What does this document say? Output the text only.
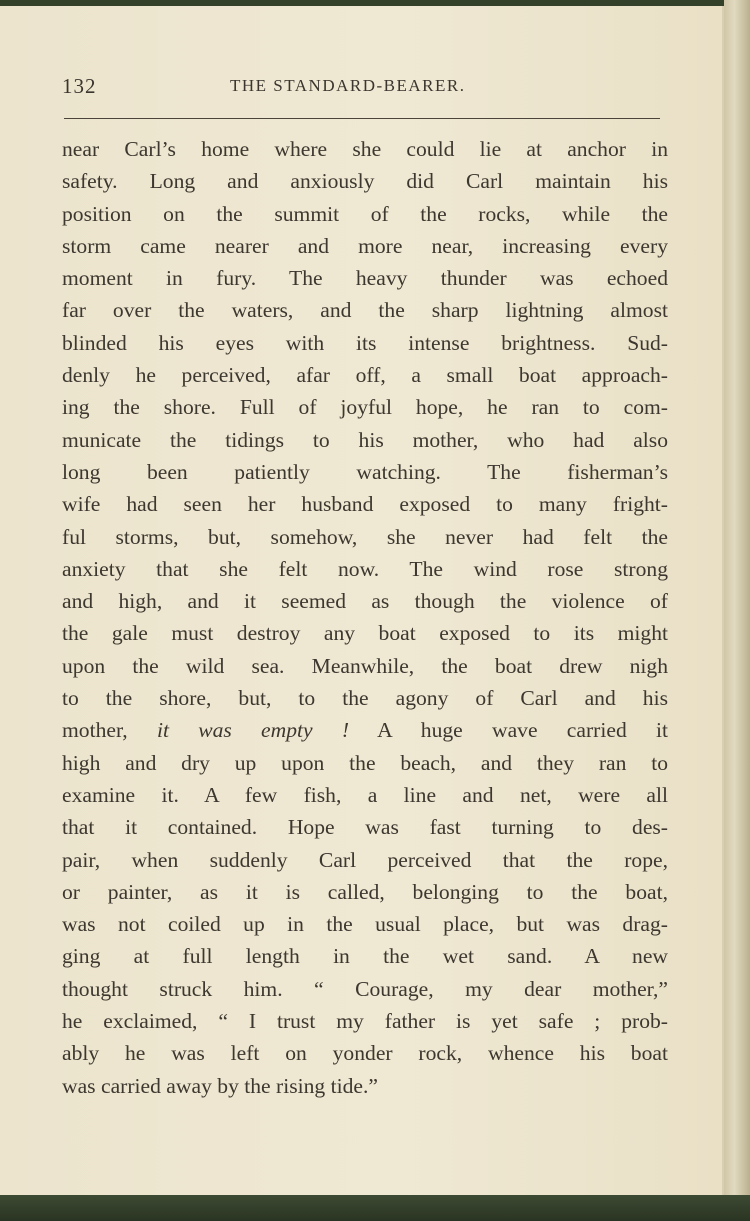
132	THE STANDARD-BEARER.
near Carl’s home where she could lie at anchor in
safety. Long and anxiously did Carl maintain his
position on the summit of the rocks, while the
storm came nearer and more near, increasing every
moment in fury. The heavy thunder was echoed
far over the waters, and the sharp lightning almost
blinded his eyes with its intense brightness. Sud-
denly he perceived, afar off, a small boat approach-
ing the shore. Full of joyful hope, he ran to com-
municate the tidings to his mother, who had also
long been patiently watching. The fisherman’s
wife had seen her husband exposed to many fright-
ful storms, but, somehow, she never had felt the
anxiety that she felt now. The wind rose strong
and high, and it seemed as though the violence of
the gale must destroy any boat exposed to its might
upon the wild sea. Meanwhile, the boat drew nigh
to the shore, but, to the agony of Carl and his
mother, it was empty ! A huge wave carried it
high and dry up upon the beach, and they ran to
examine it. A few fish, a line and net, were all
that it contained. Hope was fast turning to des-
pair, when suddenly Carl perceived that the rope,
or painter, as it is called, belonging to the boat,
was not coiled up in the usual place, but was drag-
ging at full length in the wet sand. A new
thought struck him. “ Courage, my dear mother,”
he exclaimed, “ I trust my father is yet safe ; prob-
ably he was left on yonder rock, whence his boat
was carried away by the rising tide.”
